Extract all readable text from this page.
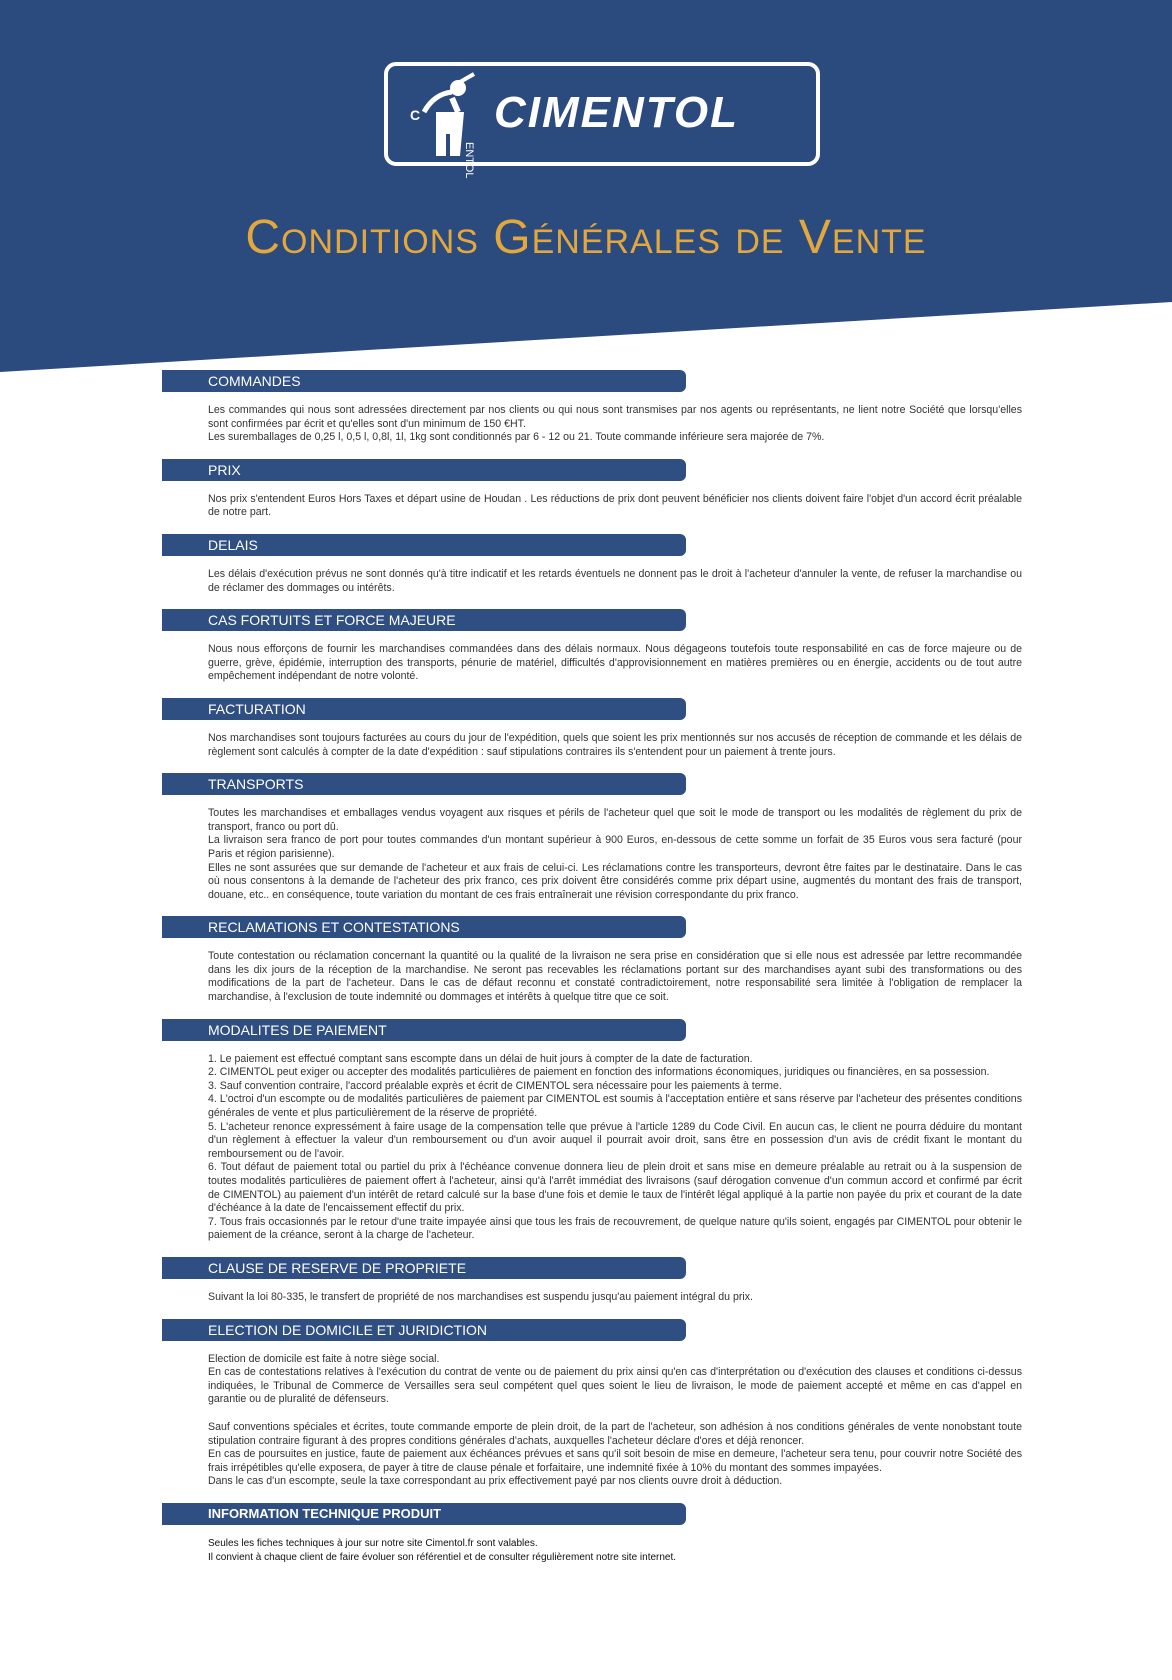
C
ENTOL
CIMENTOL
Conditions Générales de Vente
COMMANDES

Les commandes qui nous sont adressées directement par nos clients ou qui nous sont transmises par nos agents ou représentants, ne lient notre Société que lorsqu'elles sont confirmées par écrit et qu'elles sont d'un minimum de 150 €HT.

Les suremballages de 0,25 l, 0,5 l, 0,8l, 1l, 1kg sont conditionnés par 6 - 12 ou 21. Toute commande inférieure sera majorée de 7%.

PRIX

Nos prix s'entendent Euros Hors Taxes et départ usine de Houdan . Les réductions de prix dont peuvent bénéficier nos clients doivent faire l'objet d'un accord écrit préalable de notre part.

DELAIS

Les délais d'exécution prévus ne sont donnés qu'à titre indicatif et les retards éventuels ne donnent pas le droit à l'acheteur d'annuler la vente, de refuser la marchandise ou de réclamer des dommages ou intérêts.

CAS FORTUITS ET FORCE MAJEURE

Nous nous efforçons de fournir les marchandises commandées dans des délais normaux. Nous dégageons toutefois toute responsabilité en cas de force majeure ou de guerre, grève, épidémie, interruption des transports, pénurie de matériel, difficultés d'approvisionnement en matières premières ou en énergie, accidents ou de tout autre empêchement indépendant de notre volonté.

FACTURATION

Nos marchandises sont toujours facturées au cours du jour de l'expédition, quels que soient les prix mentionnés sur nos accusés de réception de commande et les délais de règlement sont calculés à compter de la date d'expédition : sauf stipulations contraires ils s'entendent pour un paiement à trente jours.

TRANSPORTS

Toutes les marchandises et emballages vendus voyagent aux risques et périls de l'acheteur quel que soit le mode de transport ou les modalités de règlement du prix de transport, franco ou port dû.

La livraison sera franco de port pour toutes commandes d'un montant supérieur à 900 Euros, en-dessous de cette somme un forfait de 35 Euros vous sera facturé (pour Paris et région parisienne).

Elles ne sont assurées que sur demande de l'acheteur et aux frais de celui-ci. Les réclamations contre les transporteurs, devront être faites par le destinataire. Dans le cas où nous consentons à la demande de l'acheteur des prix franco, ces prix doivent être considérés comme prix départ usine, augmentés du montant des frais de transport, douane, etc.. en conséquence, toute variation du montant de ces frais entraînerait une révision correspondante du prix franco.

RECLAMATIONS ET CONTESTATIONS

Toute contestation ou réclamation concernant la quantité ou la qualité de la livraison ne sera prise en considération que si elle nous est adressée par lettre recommandée dans les dix jours de la réception de la marchandise. Ne seront pas recevables les réclamations portant sur des marchandises ayant subi des transformations ou des modifications de la part de l'acheteur. Dans le cas de défaut reconnu et constaté contradictoirement, notre responsabilité sera limitée à l'obligation de remplacer la marchandise, à l'exclusion de toute indemnité ou dommages et intérêts à quelque titre que ce soit.

MODALITES DE PAIEMENT

1. Le paiement est effectué comptant sans escompte dans un délai de huit jours à compter de la date de facturation.

2. CIMENTOL peut exiger ou accepter des modalités particulières de paiement en fonction des informations économiques, juridiques ou financières, en sa possession.

3. Sauf convention contraire, l'accord préalable exprès et écrit de CIMENTOL sera nécessaire pour les paiements à terme.

4. L'octroi d'un escompte ou de modalités particulières de paiement par CIMENTOL est soumis à l'acceptation entière et sans réserve par l'acheteur des présentes conditions générales de vente et plus particulièrement de la réserve de propriété.

5. L'acheteur renonce expressément à faire usage de la compensation telle que prévue à l'article 1289 du Code Civil. En aucun cas, le client ne pourra déduire du montant d'un règlement à effectuer la valeur d'un remboursement ou d'un avoir auquel il pourrait avoir droit, sans être en possession d'un avis de crédit fixant le montant du remboursement ou de l'avoir.

6. Tout défaut de paiement total ou partiel du prix à l'échéance convenue donnera lieu de plein droit et sans mise en demeure préalable au retrait ou à la suspension de toutes modalités particulières de paiement offert à l'acheteur, ainsi qu'à l'arrêt immédiat des livraisons (sauf dérogation convenue d'un commun accord et confirmé par écrit de CIMENTOL) au paiement d'un intérêt de retard calculé sur la base d'une fois et demie le taux de l'intérêt légal appliqué à la partie non payée du prix et courant de la date d'échéance à la date de l'encaissement effectif du prix.

7. Tous frais occasionnés par le retour d'une traite impayée ainsi que tous les frais de recouvrement, de quelque nature qu'ils soient, engagés par CIMENTOL pour obtenir le paiement de la créance, seront à la charge de l'acheteur.

CLAUSE DE RESERVE DE PROPRIETE

Suivant la loi 80-335, le transfert de propriété de nos marchandises est suspendu jusqu'au paiement intégral du prix.

ELECTION DE DOMICILE ET JURIDICTION

Election de domicile est faite à notre siège social.

En cas de contestations relatives à l'exécution du contrat de vente ou de paiement du prix ainsi qu'en cas d'interprétation ou d'exécution des clauses et conditions ci-dessus indiquées, le Tribunal de Commerce de Versailles sera seul compétent quel ques soient le lieu de livraison, le mode de paiement accepté et même en cas d'appel en garantie ou de pluralité de défenseurs.

Sauf conventions spéciales et écrites, toute commande emporte de plein droit, de la part de l'acheteur, son adhésion à nos conditions générales de vente nonobstant toute stipulation contraire figurant à des propres conditions générales d'achats, auxquelles l'acheteur déclare d'ores et déjà renoncer.

En cas de poursuites en justice, faute de paiement aux échéances prévues et sans qu'il soit besoin de mise en demeure, l'acheteur sera tenu, pour couvrir notre Société des frais irrépétibles qu'elle exposera, de payer à titre de clause pénale et forfaitaire, une indemnité fixée à 10% du montant des sommes impayées.

Dans le cas d'un escompte, seule la taxe correspondant au prix effectivement payé par nos clients ouvre droit à déduction.

INFORMATION TECHNIQUE PRODUIT

Seules les fiches techniques à jour sur notre site Cimentol.fr sont valables.

Il convient à chaque client de faire évoluer son référentiel et de consulter régulièrement notre site internet.
